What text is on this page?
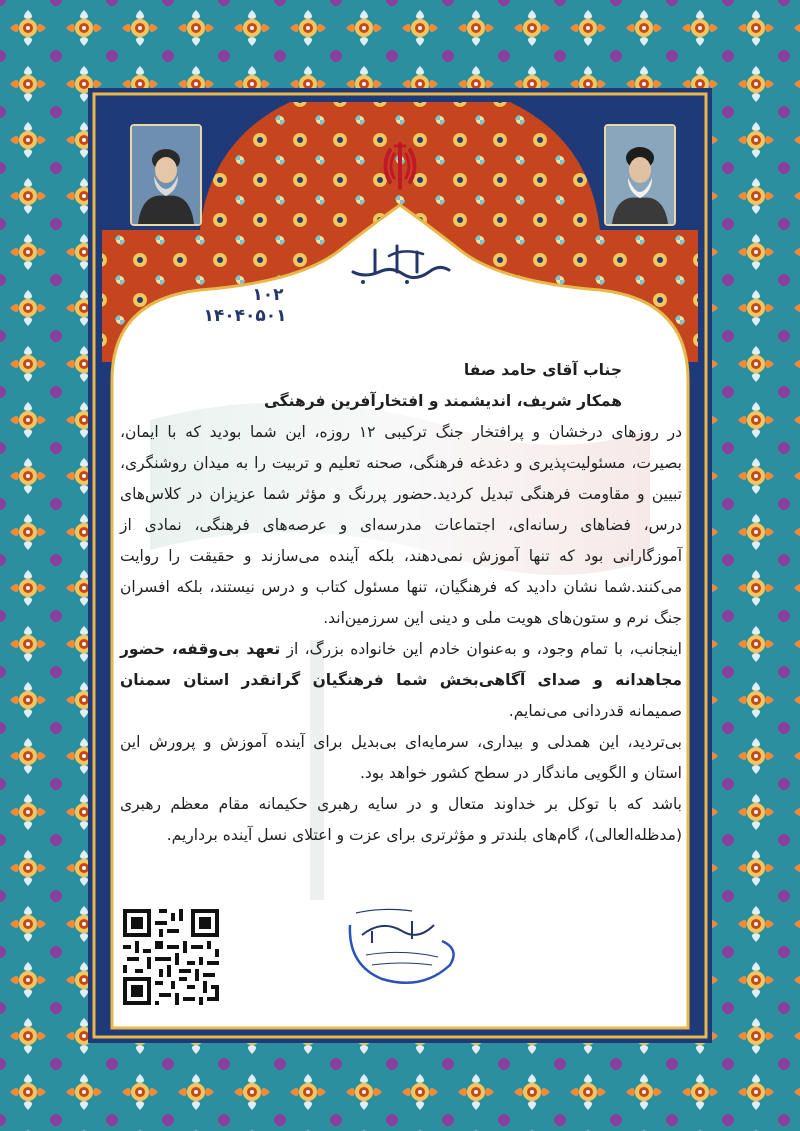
۱۰۲
۱۴۰۴۰۵۰۱

جناب آقای حامد صفا

همکار شریف، اندیشمند و افتخارآفرین فرهنگی

در روزهای درخشان و پرافتخار جنگ ترکیبی ۱۲ روزه، این شما بودید که با ایمان، بصیرت، مسئولیت‌پذیری و دغدغه فرهنگی، صحنه تعلیم و تربیت را به میدان روشنگری، تبیین و مقاومت فرهنگی تبدیل کردید.حضور پررنگ و مؤثر شما عزیزان در کلاس‌های درس، فضاهای رسانه‌ای، اجتماعات مدرسه‌ای و عرصه‌های فرهنگی، نمادی از آموزگارانی بود که تنها آموزش نمی‌دهند، بلکه آینده می‌سازند و حقیقت را روایت می‌کنند.شما نشان دادید که فرهنگیان، تنها مسئول کتاب و درس نیستند، بلکه افسران جنگ نرم و ستون‌های هویت ملی و دینی این سرزمین‌اند.

اینجانب، با تمام وجود، و به‌عنوان خادم این خانواده بزرگ، از تعهد بی‌وقفه، حضور مجاهدانه و صدای آگاهی‌بخش شما فرهنگیان گرانقدر استان سمنان صمیمانه قدردانی می‌نمایم.

بی‌تردید، این همدلی و بیداری، سرمایه‌ای بی‌بدیل برای آینده آموزش و پرورش این استان و الگویی ماندگار در سطح کشور خواهد بود.

باشد که با توکل بر خداوند متعال و در سایه رهبری حکیمانه مقام معظم رهبری (مدظله‌العالی)، گام‌های بلندتر و مؤثرتری برای عزت و اعتلای نسل آینده برداریم.
